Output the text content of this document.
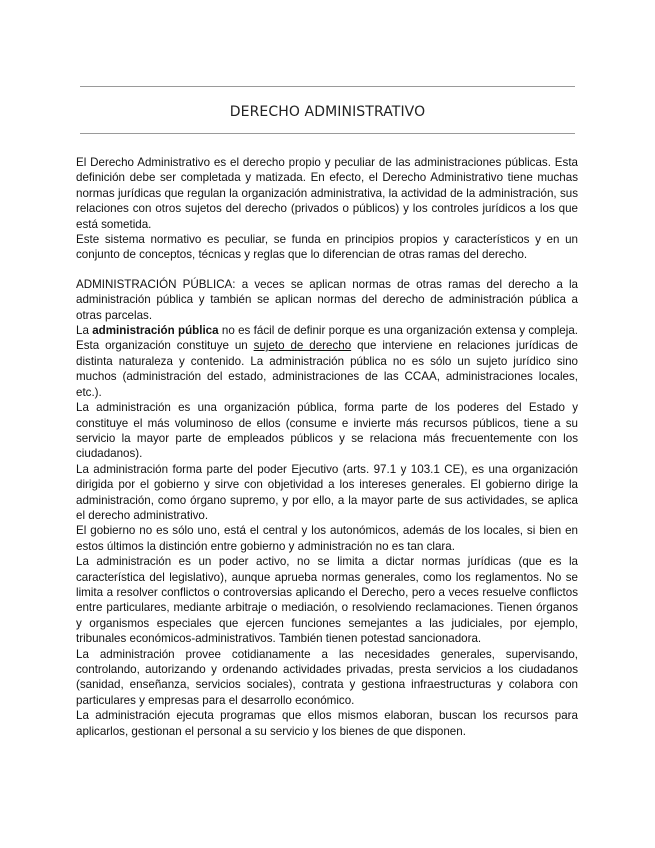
DERECHO ADMINISTRATIVO

El Derecho Administrativo es el derecho propio y peculiar de las administraciones públicas. Esta definición debe ser completada y matizada. En efecto, el Derecho Administrativo tiene muchas normas jurídicas que regulan la organización administrativa, la actividad de la administración, sus relaciones con otros sujetos del derecho (privados o públicos) y los controles jurídicos a los que está sometida.

Este sistema normativo es peculiar, se funda en principios propios y característicos y en un conjunto de conceptos, técnicas y reglas que lo diferencian de otras ramas del derecho.

ADMINISTRACIÓN PÚBLICA: a veces se aplican normas de otras ramas del derecho a la administración pública y también se aplican normas del derecho de administración pública a otras parcelas.

La administración pública no es fácil de definir porque es una organización extensa y compleja. Esta organización constituye un sujeto de derecho que interviene en relaciones jurídicas de distinta naturaleza y contenido. La administración pública no es sólo un sujeto jurídico sino muchos (administración del estado, administraciones de las CCAA, administraciones locales, etc.).

La administración es una organización pública, forma parte de los poderes del Estado y constituye el más voluminoso de ellos (consume e invierte más recursos públicos, tiene a su servicio la mayor parte de empleados públicos y se relaciona más frecuentemente con los ciudadanos).

La administración forma parte del poder Ejecutivo (arts. 97.1 y 103.1 CE), es una organización dirigida por el gobierno y sirve con objetividad a los intereses generales. El gobierno dirige la administración, como órgano supremo, y por ello, a la mayor parte de sus actividades, se aplica el derecho administrativo.

El gobierno no es sólo uno, está el central y los autonómicos, además de los locales, si bien en estos últimos la distinción entre gobierno y administración no es tan clara.

La administración es un poder activo, no se limita a dictar normas jurídicas (que es la característica del legislativo), aunque aprueba normas generales, como los reglamentos. No se limita a resolver conflictos o controversias aplicando el Derecho, pero a veces resuelve conflictos entre particulares, mediante arbitraje o mediación, o resolviendo reclamaciones. Tienen órganos y organismos especiales que ejercen funciones semejantes a las judiciales, por ejemplo, tribunales económicos-administrativos. También tienen potestad sancionadora.

La administración provee cotidianamente a las necesidades generales, supervisando, controlando, autorizando y ordenando actividades privadas, presta servicios a los ciudadanos (sanidad, enseñanza, servicios sociales), contrata y gestiona infraestructuras y colabora con particulares y empresas para el desarrollo económico.

La administración ejecuta programas que ellos mismos elaboran, buscan los recursos para aplicarlos, gestionan el personal a su servicio y los bienes de que disponen.
